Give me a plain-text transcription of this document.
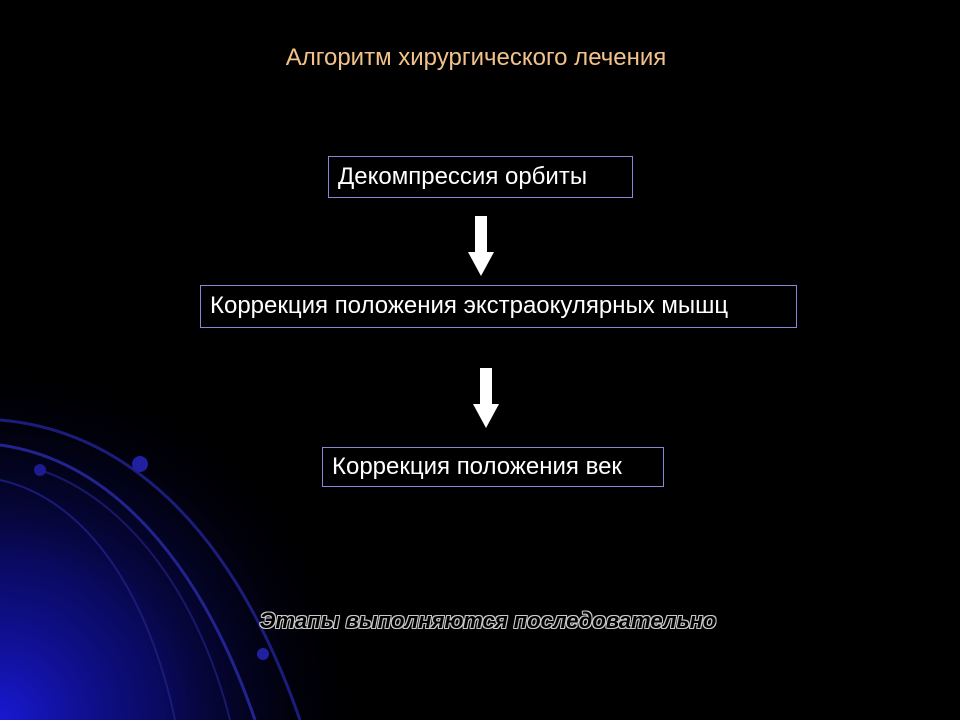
Алгоритм хирургического лечения
Декомпрессия орбиты
Коррекция положения экстраокулярных мышц
Коррекция положения век
Этапы выполняются последовательно
